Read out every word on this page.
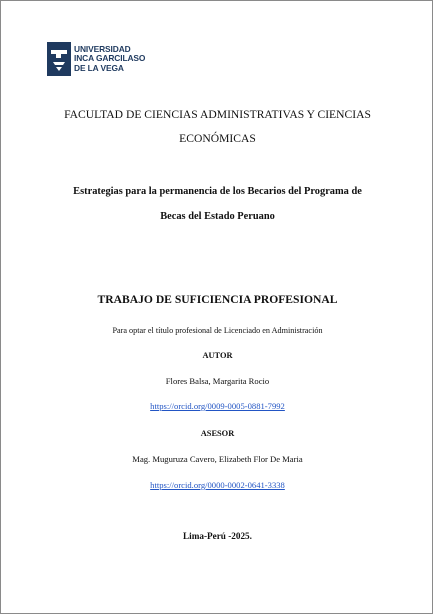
UNIVERSIDAD
INCA GARCILASO
DE LA VEGA
FACULTAD DE CIENCIAS ADMINISTRATIVAS Y CIENCIAS
ECONÓMICAS
Estrategias para la permanencia de los Becarios del Programa de
Becas del Estado Peruano
TRABAJO DE SUFICIENCIA PROFESIONAL
Para optar el título profesional de Licenciado en Administración
AUTOR
Flores Balsa, Margarita Rocio
https://orcid.org/0009-0005-0881-7992
ASESOR
Mag. Muguruza Cavero, Elizabeth Flor De Maria
https://orcid.org/0000-0002-0641-3338
Lima-Perú -2025.
